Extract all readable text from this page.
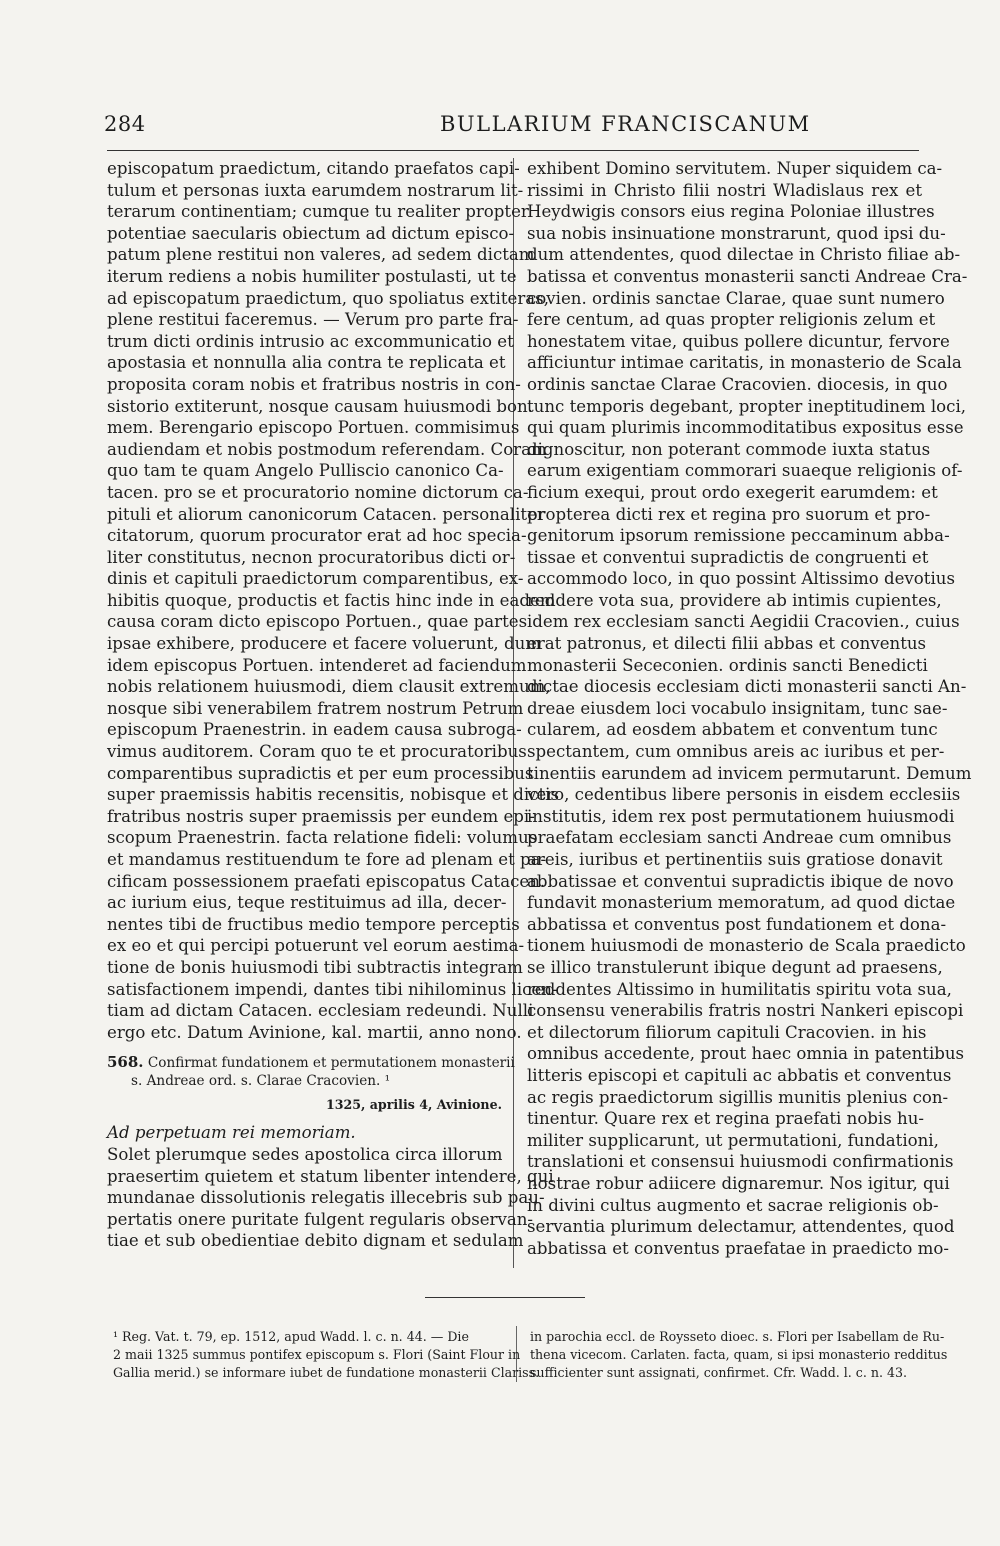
284	BULLARIUM FRANCISCANUM
episcopatum praedictum, citando praefatos capi-
tulum et personas iuxta earumdem nostrarum lit-
terarum continentiam; cumque tu realiter propter
potentiae saecularis obiectum ad dictum episco-
patum plene restitui non valeres, ad sedem dictam
iterum rediens a nobis humiliter postulasti, ut te
ad episcopatum praedictum, quo spoliatus extiteras,
plene restitui faceremus. — Verum pro parte fra-
trum dicti ordinis intrusio ac excommunicatio et
apostasia et nonnulla alia contra te replicata et
proposita coram nobis et fratribus nostris in con-
sistorio extiterunt, nosque causam huiusmodi bon.
mem. Berengario episcopo Portuen. commisimus
audiendam et nobis postmodum referendam. Coram
quo tam te quam Angelo Pulliscio canonico Ca-
tacen. pro se et procuratorio nomine dictorum ca-
pituli et aliorum canonicorum Catacen. personaliter
citatorum, quorum procurator erat ad hoc specia-
liter constitutus, necnon procuratoribus dicti or-
dinis et capituli praedictorum comparentibus, ex-
hibitis quoque, productis et factis hinc inde in eadem
causa coram dicto episcopo Portuen., quae partes
ipsae exhibere, producere et facere voluerunt, dum
idem episcopus Portuen. intenderet ad faciendum
nobis relationem huiusmodi, diem clausit extremum,
nosque sibi venerabilem fratrem nostrum Petrum
episcopum Praenestrin. in eadem causa subroga-
vimus auditorem. Coram quo te et procuratoribus
comparentibus supradictis et per eum processibus
super praemissis habitis recensitis, nobisque et dictis
fratribus nostris super praemissis per eundem epi-
scopum Praenestrin. facta relatione fideli: volumus
et mandamus restituendum te fore ad plenam et pa-
cificam possessionem praefati episcopatus Catacen.
ac iurium eius, teque restituimus ad illa, decer-
nentes tibi de fructibus medio tempore perceptis
ex eo et qui percipi potuerunt vel eorum aestima-
tione de bonis huiusmodi tibi subtractis integram
satisfactionem impendi, dantes tibi nihilominus licen-
tiam ad dictam Catacen. ecclesiam redeundi. Nulli
ergo etc. Datum Avinione, kal. martii, anno nono.
568. Confirmat fundationem et permutationem monasterii
s. Andreae ord. s. Clarae Cracovien. ¹
1325, aprilis 4, Avinione.
Ad perpetuam rei memoriam.
Solet plerumque sedes apostolica circa illorum
praesertim quietem et statum libenter intendere, qui
mundanae dissolutionis relegatis illecebris sub pau-
pertatis onere puritate fulgent regularis observan-
tiae et sub obedientiae debito dignam et sedulam
exhibent Domino servitutem. Nuper siquidem ca-
rissimi in Christo filii nostri Wladislaus rex et
Heydwigis consors eius regina Poloniae illustres
sua nobis insinuatione monstrarunt, quod ipsi du-
dum attendentes, quod dilectae in Christo filiae ab-
batissa et conventus monasterii sancti Andreae Cra-
covien. ordinis sanctae Clarae, quae sunt numero
fere centum, ad quas propter religionis zelum et
honestatem vitae, quibus pollere dicuntur, fervore
afficiuntur intimae caritatis, in monasterio de Scala
ordinis sanctae Clarae Cracovien. diocesis, in quo
tunc temporis degebant, propter ineptitudinem loci,
qui quam plurimis incommoditatibus expositus esse
dignoscitur, non poterant commode iuxta status
earum exigentiam commorari suaeque religionis of-
ficium exequi, prout ordo exegerit earumdem: et
propterea dicti rex et regina pro suorum et pro-
genitorum ipsorum remissione peccaminum abba-
tissae et conventui supradictis de congruenti et
accommodo loco, in quo possint Altissimo devotius
reddere vota sua, providere ab intimis cupientes,
idem rex ecclesiam sancti Aegidii Cracovien., cuius
erat patronus, et dilecti filii abbas et conventus
monasterii Sececonien. ordinis sancti Benedicti
dictae diocesis ecclesiam dicti monasterii sancti An-
dreae eiusdem loci vocabulo insignitam, tunc sae-
cularem, ad eosdem abbatem et conventum tunc
spectantem, cum omnibus areis ac iuribus et per-
tinentiis earundem ad invicem permutarunt. Demum
vero, cedentibus libere personis in eisdem ecclesiis
institutis, idem rex post permutationem huiusmodi
praefatam ecclesiam sancti Andreae cum omnibus
areis, iuribus et pertinentiis suis gratiose donavit
abbatissae et conventui supradictis ibique de novo
fundavit monasterium memoratum, ad quod dictae
abbatissa et conventus post fundationem et dona-
tionem huiusmodi de monasterio de Scala praedicto
se illico transtulerunt ibique degunt ad praesens,
reddentes Altissimo in humilitatis spiritu vota sua,
consensu venerabilis fratris nostri Nankeri episcopi
et dilectorum filiorum capituli Cracovien. in his
omnibus accedente, prout haec omnia in patentibus
litteris episcopi et capituli ac abbatis et conventus
ac regis praedictorum sigillis munitis plenius con-
tinentur. Quare rex et regina praefati nobis hu-
militer supplicarunt, ut permutationi, fundationi,
translationi et consensui huiusmodi confirmationis
nostrae robur adiicere dignaremur. Nos igitur, qui
in divini cultus augmento et sacrae religionis ob-
servantia plurimum delectamur, attendentes, quod
abbatissa et conventus praefatae in praedicto mo-
¹ Reg. Vat. t. 79, ep. 1512, apud Wadd. l. c. n. 44. — Die
2 maii 1325 summus pontifex episcopum s. Flori (Saint Flour in
Gallia merid.) se informare iubet de fundatione monasterii Clariss.
in parochia eccl. de Roysseto dioec. s. Flori per Isabellam de Ru-
thena vicecom. Carlaten. facta, quam, si ipsi monasterio redditus
sufficienter sunt assignati, confirmet. Cfr. Wadd. l. c. n. 43.
